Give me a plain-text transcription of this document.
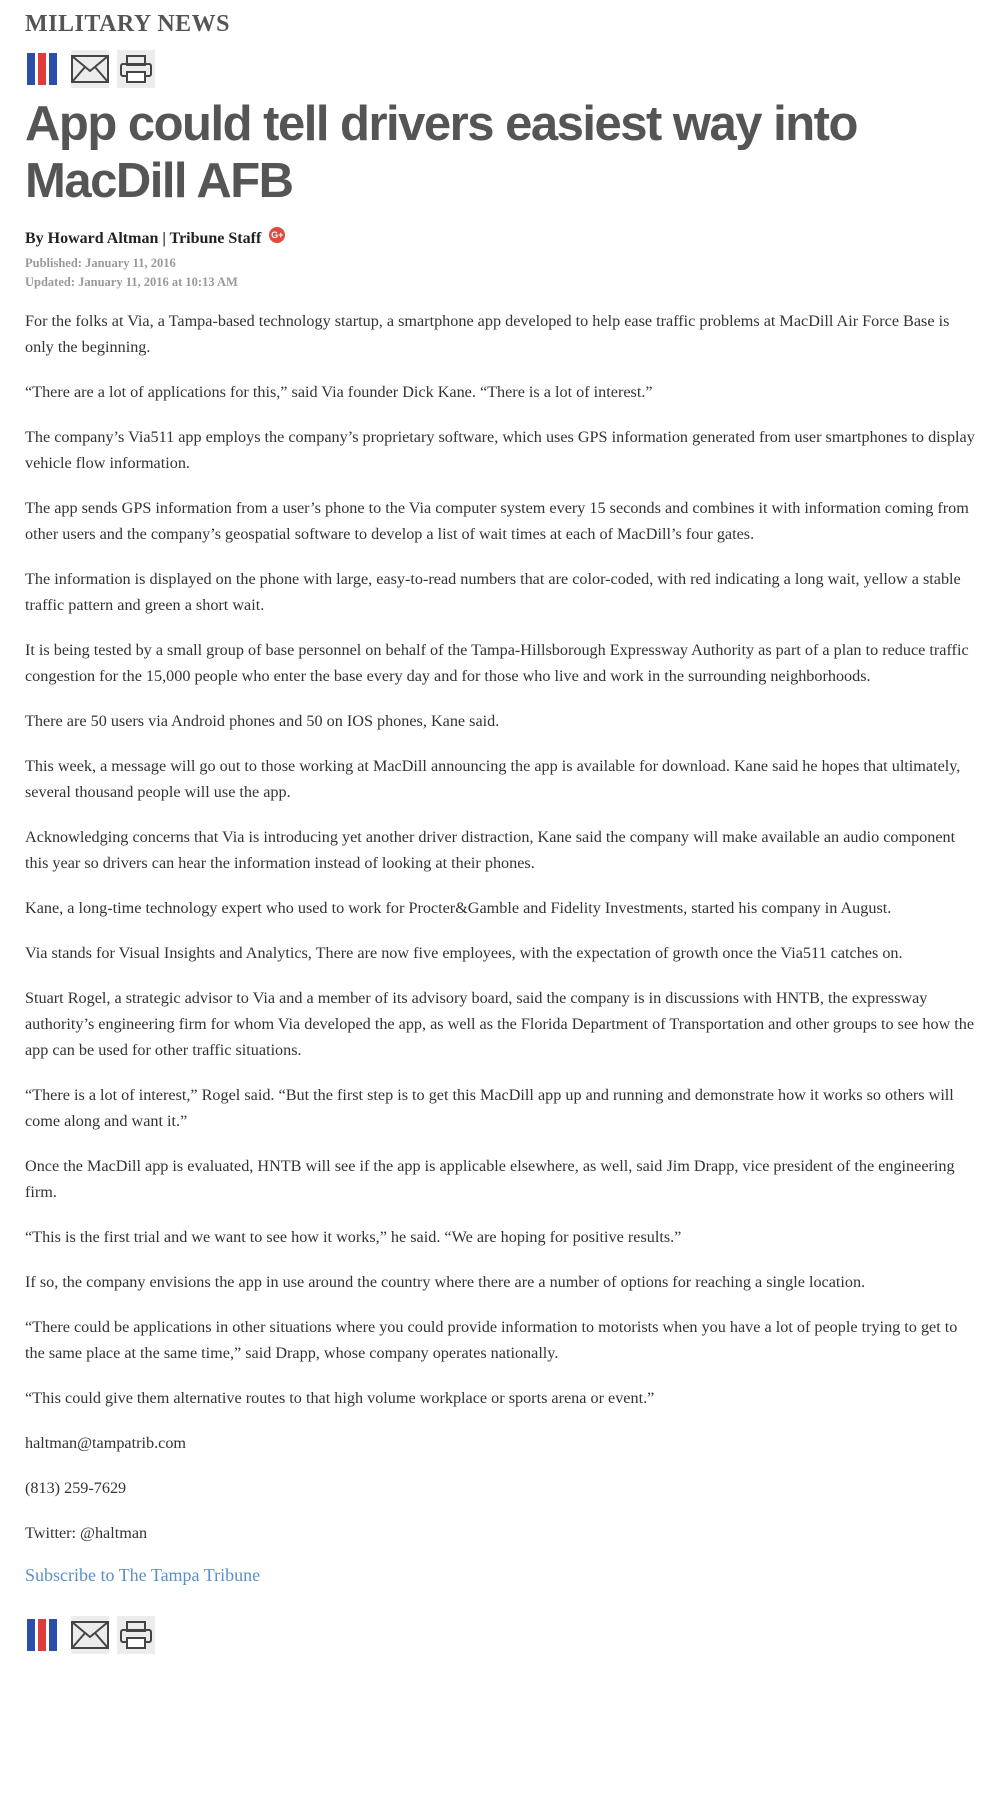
MILITARY NEWS
App could tell drivers easiest way into MacDill AFB
By Howard Altman | Tribune Staff G+
Published: January 11, 2016
Updated: January 11, 2016 at 10:13 AM

For the folks at Via, a Tampa-based technology startup, a smartphone app developed to help ease traffic problems at MacDill Air Force Base is only the beginning.

“There are a lot of applications for this,” said Via founder Dick Kane. “There is a lot of interest.”

The company’s Via511 app employs the company’s proprietary software, which uses GPS information generated from user smartphones to display vehicle flow information.

The app sends GPS information from a user’s phone to the Via computer system every 15 seconds and combines it with information coming from other users and the company’s geospatial software to develop a list of wait times at each of MacDill’s four gates.

The information is displayed on the phone with large, easy-to-read numbers that are color-coded, with red indicating a long wait, yellow a stable traffic pattern and green a short wait.

It is being tested by a small group of base personnel on behalf of the Tampa-Hillsborough Expressway Authority as part of a plan to reduce traffic congestion for the 15,000 people who enter the base every day and for those who live and work in the surrounding neighborhoods.

There are 50 users via Android phones and 50 on IOS phones, Kane said.

This week, a message will go out to those working at MacDill announcing the app is available for download. Kane said he hopes that ultimately, several thousand people will use the app.

Acknowledging concerns that Via is introducing yet another driver distraction, Kane said the company will make available an audio component this year so drivers can hear the information instead of looking at their phones.

Kane, a long-time technology expert who used to work for Procter&Gamble and Fidelity Investments, started his company in August.

Via stands for Visual Insights and Analytics, There are now five employees, with the expectation of growth once the Via511 catches on.

Stuart Rogel, a strategic advisor to Via and a member of its advisory board, said the company is in discussions with HNTB, the expressway authority’s engineering firm for whom Via developed the app, as well as the Florida Department of Transportation and other groups to see how the app can be used for other traffic situations.

“There is a lot of interest,” Rogel said. “But the first step is to get this MacDill app up and running and demonstrate how it works so others will come along and want it.”

Once the MacDill app is evaluated, HNTB will see if the app is applicable elsewhere, as well, said Jim Drapp, vice president of the engineering firm.

“This is the first trial and we want to see how it works,” he said. “We are hoping for positive results.”

If so, the company envisions the app in use around the country where there are a number of options for reaching a single location.

“There could be applications in other situations where you could provide information to motorists when you have a lot of people trying to get to the same place at the same time,” said Drapp, whose company operates nationally.

“This could give them alternative routes to that high volume workplace or sports arena or event.”

haltman@tampatrib.com

(813) 259-7629

Twitter: @haltman

Subscribe to The Tampa Tribune
